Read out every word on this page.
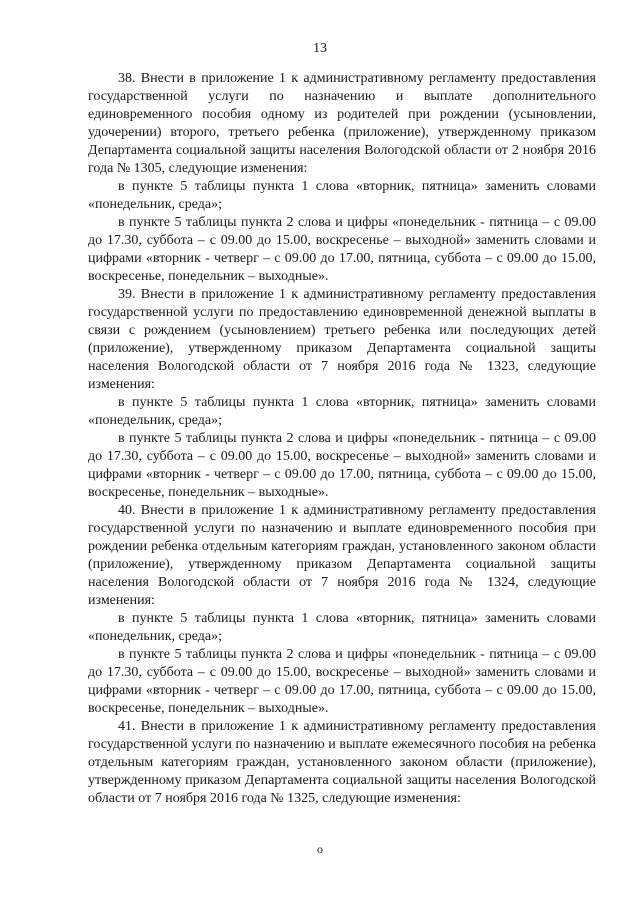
13

38. Внести в приложение 1 к административному регламенту предоставления государственной услуги по назначению и выплате дополнительного единовременного пособия одному из родителей при рождении (усыновлении, удочерении) второго, третьего ребенка (приложение), утвержденному приказом Департамента социальной защиты населения Вологодской области от 2 ноября 2016 года № 1305, следующие изменения:

в пункте 5 таблицы пункта 1 слова «вторник, пятница» заменить словами «понедельник, среда»;

в пункте 5 таблицы пункта 2 слова и цифры «понедельник - пятница – с 09.00 до 17.30, суббота – с 09.00 до 15.00, воскресенье – выходной» заменить словами и цифрами «вторник - четверг – с 09.00 до 17.00, пятница, суббота – с 09.00 до 15.00, воскресенье, понедельник – выходные».

39. Внести в приложение 1 к административному регламенту предоставления государственной услуги по предоставлению единовременной денежной выплаты в связи с рождением (усыновлением) третьего ребенка или последующих детей (приложение), утвержденному приказом Департамента социальной защиты населения Вологодской области от 7 ноября 2016 года № 1323, следующие изменения:

в пункте 5 таблицы пункта 1 слова «вторник, пятница» заменить словами «понедельник, среда»;

в пункте 5 таблицы пункта 2 слова и цифры «понедельник - пятница – с 09.00 до 17.30, суббота – с 09.00 до 15.00, воскресенье – выходной» заменить словами и цифрами «вторник - четверг – с 09.00 до 17.00, пятница, суббота – с 09.00 до 15.00, воскресенье, понедельник – выходные».

40. Внести в приложение 1 к административному регламенту предоставления государственной услуги по назначению и выплате единовременного пособия при рождении ребенка отдельным категориям граждан, установленного законом области (приложение), утвержденному приказом Департамента социальной защиты населения Вологодской области от 7 ноября 2016 года № 1324, следующие изменения:

в пункте 5 таблицы пункта 1 слова «вторник, пятница» заменить словами «понедельник, среда»;

в пункте 5 таблицы пункта 2 слова и цифры «понедельник - пятница – с 09.00 до 17.30, суббота – с 09.00 до 15.00, воскресенье – выходной» заменить словами и цифрами «вторник - четверг – с 09.00 до 17.00, пятница, суббота – с 09.00 до 15.00, воскресенье, понедельник – выходные».

41. Внести в приложение 1 к административному регламенту предоставления государственной услуги по назначению и выплате ежемесячного пособия на ребенка отдельным категориям граждан, установленного законом области (приложение), утвержденному приказом Департамента социальной защиты населения Вологодской области от 7 ноября 2016 года № 1325, следующие изменения:

о
